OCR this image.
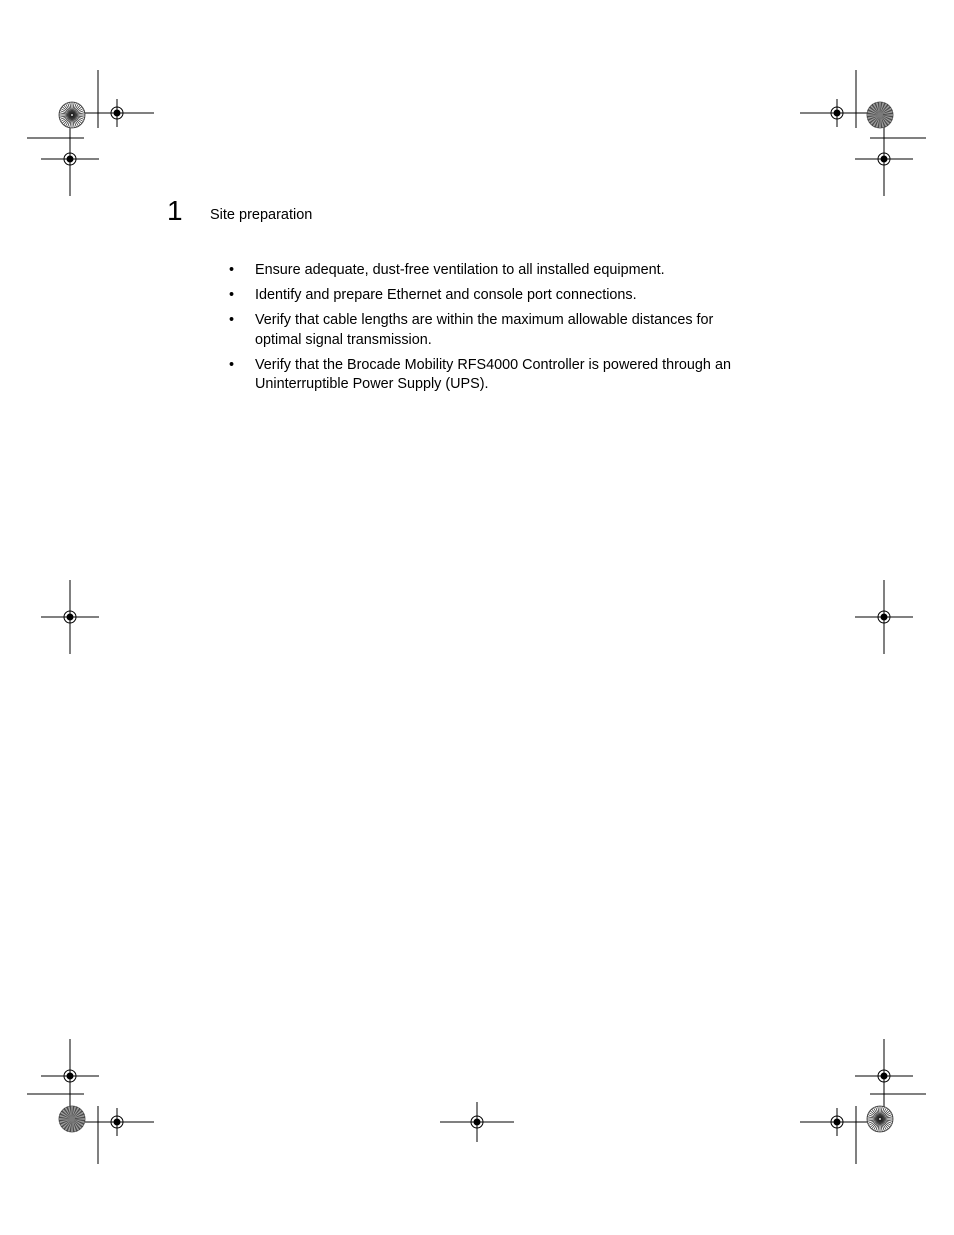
1 Site preparation
• Ensure adequate, dust-free ventilation to all installed equipment.
• Identify and prepare Ethernet and console port connections.
• Verify that cable lengths are within the maximum allowable distances for optimal signal transmission.
• Verify that the Brocade Mobility RFS4000 Controller is powered through an Uninterruptible Power Supply (UPS).
